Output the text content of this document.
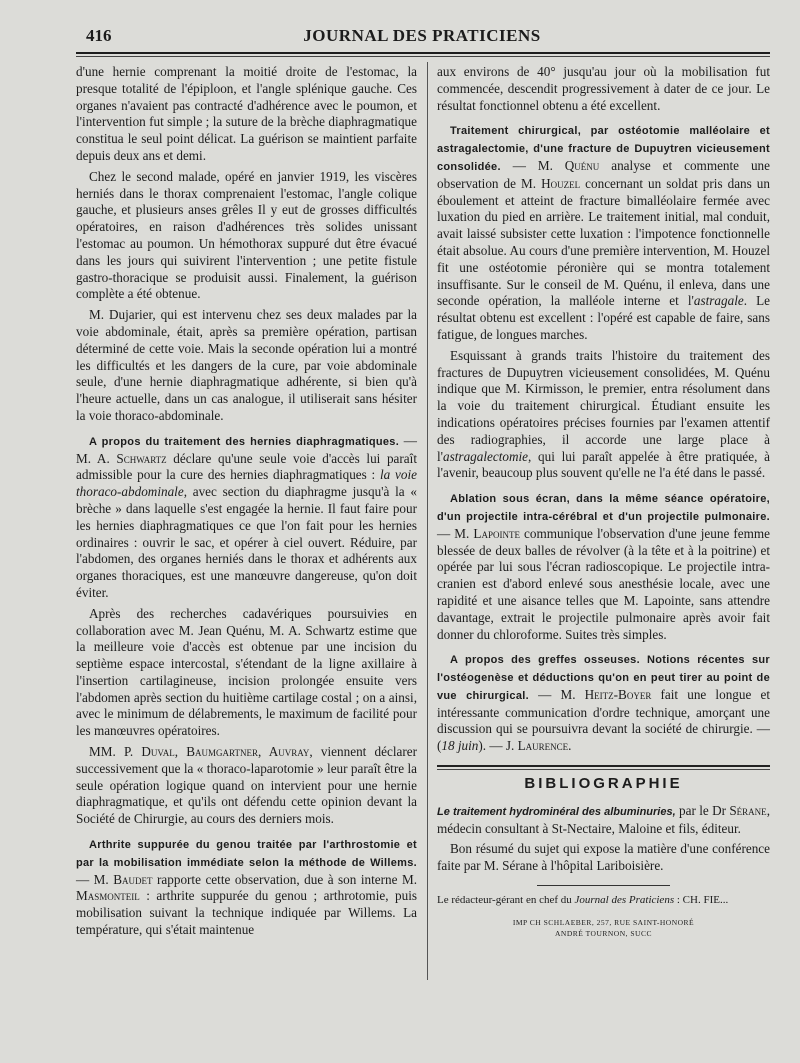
416	JOURNAL DES PRATICIENS

d'une hernie comprenant la moitié droite de l'estomac, la presque totalité de l'épiploon, et l'angle splénique gauche. Ces organes n'avaient pas contracté d'adhérence avec le poumon, et l'intervention fut simple ; la suture de la brèche diaphragmatique constitua le seul point délicat. La guérison se maintient parfaite depuis deux ans et demi.

Chez le second malade, opéré en janvier 1919, les viscères herniés dans le thorax comprenaient l'estomac, l'angle colique gauche, et plusieurs anses grêles Il y eut de grosses difficultés opératoires, en raison d'adhérences très solides unissant l'estomac au poumon. Un hémothorax suppuré dut être évacué dans les jours qui suivirent l'intervention ; une petite fistule gastro-thoracique se produisit aussi. Finalement, la guérison complète a été obtenue.

M. Dujarier, qui est intervenu chez ses deux malades par la voie abdominale, était, après sa première opération, partisan déterminé de cette voie. Mais la seconde opération lui a montré les difficultés et les dangers de la cure, par voie abdominale seule, d'une hernie diaphragmatique adhérente, si bien qu'à l'heure actuelle, dans un cas analogue, il utiliserait sans hésiter la voie thoraco-abdominale.

A propos du traitement des hernies diaphragmatiques. — M. A. Schwartz déclare qu'une seule voie d'accès lui paraît admissible pour la cure des hernies diaphragmatiques : la voie thoraco-abdominale, avec section du diaphragme jusqu'à la « brèche » dans laquelle s'est engagée la hernie. Il faut faire pour les hernies diaphragmatiques ce que l'on fait pour les hernies ordinaires : ouvrir le sac, et opérer à ciel ouvert. Réduire, par l'abdomen, des organes herniés dans le thorax et adhérents aux organes thoraciques, est une manœuvre dangereuse, qu'on doit éviter.

Après des recherches cadavériques poursuivies en collaboration avec M. Jean Quénu, M. A. Schwartz estime que la meilleure voie d'accès est obtenue par une incision du septième espace intercostal, s'étendant de la ligne axillaire à l'insertion cartilagineuse, incision prolongée ensuite vers l'abdomen après section du huitième cartilage costal ; on a ainsi, avec le minimum de délabrements, le maximum de facilité pour les manœuvres opératoires.

MM. P. Duval, Baumgartner, Auvray, viennent déclarer successivement que la « thoraco-laparotomie » leur paraît être la seule opération logique quand on intervient pour une hernie diaphragmatique, et qu'ils ont défendu cette opinion devant la Société de Chirurgie, au cours des derniers mois.

Arthrite suppurée du genou traitée par l'arthrostomie et par la mobilisation immédiate selon la méthode de Willems. — M. Baudet rapporte cette observation, due à son interne M. Masmonteil : arthrite suppurée du genou ; arthrotomie, puis mobilisation suivant la technique indiquée par Willems. La température, qui s'était maintenue

aux environs de 40° jusqu'au jour où la mobilisation fut commencée, descendit progressivement à dater de ce jour. Le résultat fonctionnel obtenu a été excellent.

Traitement chirurgical, par ostéotomie malléolaire et astragalectomie, d'une fracture de Dupuytren vicieusement consolidée. — M. Quénu analyse et commente une observation de M. Houzel concernant un soldat pris dans un éboulement et atteint de fracture bimalléolaire fermée avec luxation du pied en arrière. Le traitement initial, mal conduit, avait laissé subsister cette luxation : l'impotence fonctionnelle était absolue. Au cours d'une première intervention, M. Houzel fit une ostéotomie péronière qui se montra totalement insuffisante. Sur le conseil de M. Quénu, il enleva, dans une seconde opération, la malléole interne et l'astragale. Le résultat obtenu est excellent : l'opéré est capable de faire, sans fatigue, de longues marches.

Esquissant à grands traits l'histoire du traitement des fractures de Dupuytren vicieusement consolidées, M. Quénu indique que M. Kirmisson, le premier, entra résolument dans la voie du traitement chirurgical. Étudiant ensuite les indications opératoires précises fournies par l'examen attentif des radiographies, il accorde une large place à l'astragalectomie, qui lui paraît appelée à être pratiquée, à l'avenir, beaucoup plus souvent qu'elle ne l'a été dans le passé.

Ablation sous écran, dans la même séance opératoire, d'un projectile intra-cérébral et d'un projectile pulmonaire. — M. Lapointe communique l'observation d'une jeune femme blessée de deux balles de révolver (à la tête et à la poitrine) et opérée par lui sous l'écran radioscopique. Le projectile intra-cranien est d'abord enlevé sous anesthésie locale, avec une rapidité et une aisance telles que M. Lapointe, sans attendre davantage, extrait le projectile pulmonaire après avoir fait donner du chloroforme. Suites très simples.

A propos des greffes osseuses. Notions récentes sur l'ostéogenèse et déductions qu'on en peut tirer au point de vue chirurgical. — M. Heitz-Boyer fait une longue et intéressante communication d'ordre technique, amorçant une discussion qui se poursuivra devant la société de chirurgie. — (18 juin). — J. Laurence.

BIBLIOGRAPHIE

Le traitement hydrominéral des albuminuries, par le Dr Sérane, médecin consultant à St-Nectaire, Maloine et fils, éditeur.

Bon résumé du sujet qui expose la matière d'une conférence faite par M. Sérane à l'hôpital Lariboisière.

Le rédacteur-gérant en chef du Journal des Praticiens : CH. FIE...
IMP CH SCHLAEBER, 257, RUE SAINT-HONORÉ
ANDRÉ TOURNON, SUCC
